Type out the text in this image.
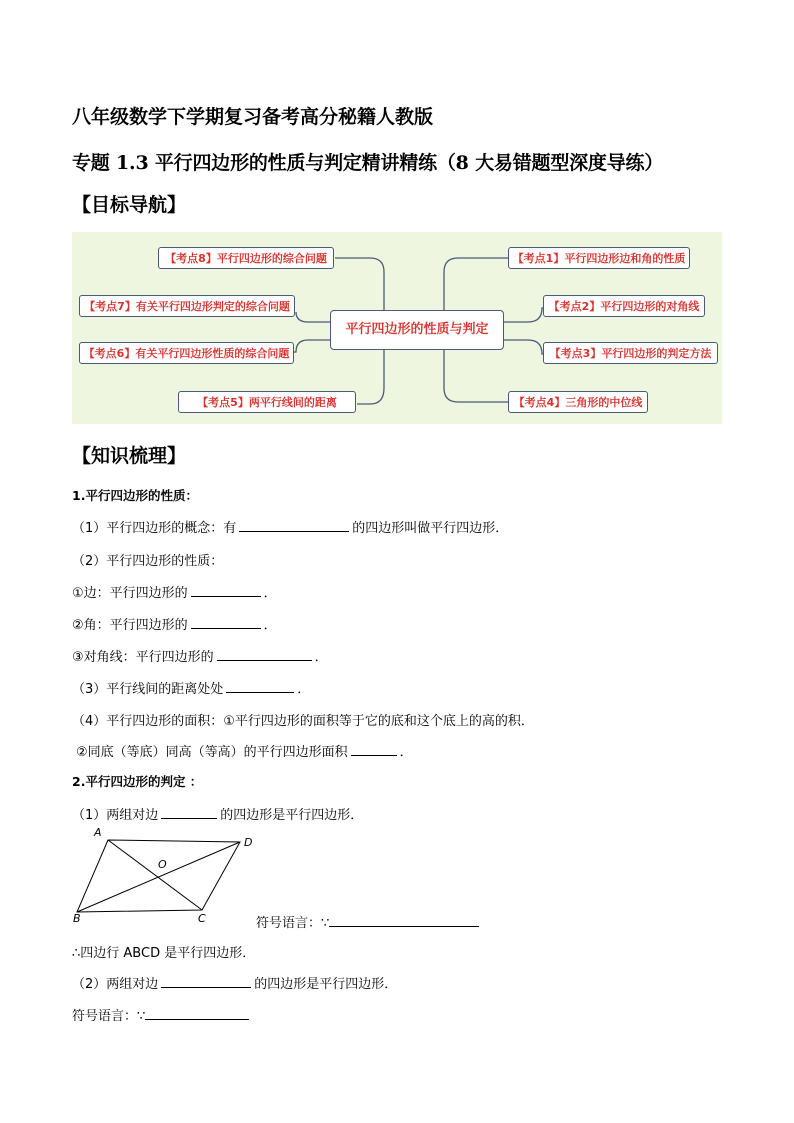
八年级数学下学期复习备考高分秘籍人教版
专题 1.3 平行四边形的性质与判定精讲精练（8 大易错题型深度导练）
【目标导航】
【考点8】平行四边形的综合问题
【考点7】有关平行四边形判定的综合问题
【考点6】有关平行四边形性质的综合问题
【考点5】两平行线间的距离
平行四边形的性质与判定
【考点1】平行四边形边和角的性质
【考点2】平行四边形的对角线
【考点3】平行四边形的判定方法
【考点4】三角形的中位线
【知识梳理】
1.平行四边形的性质：
（1）平行四边形的概念：有	的四边形叫做平行四边形．
（2）平行四边形的性质：
①边：平行四边形的	．
②角：平行四边形的	．
③对角线：平行四边形的	．
（3）平行线间的距离处处	．
（4）平行四边形的面积：①平行四边形的面积等于它的底和这个底上的高的积．
②同底（等底）同高（等高）的平行四边形面积	．
2.平行四边形的判定 ：
（1）两组对边	的四边形是平行四边形．
A
D
B	C
O
符号语言：∵
∴四边行 ABCD 是平行四边形．
（2）两组对边	的四边形是平行四边形．
符号语言：∵
